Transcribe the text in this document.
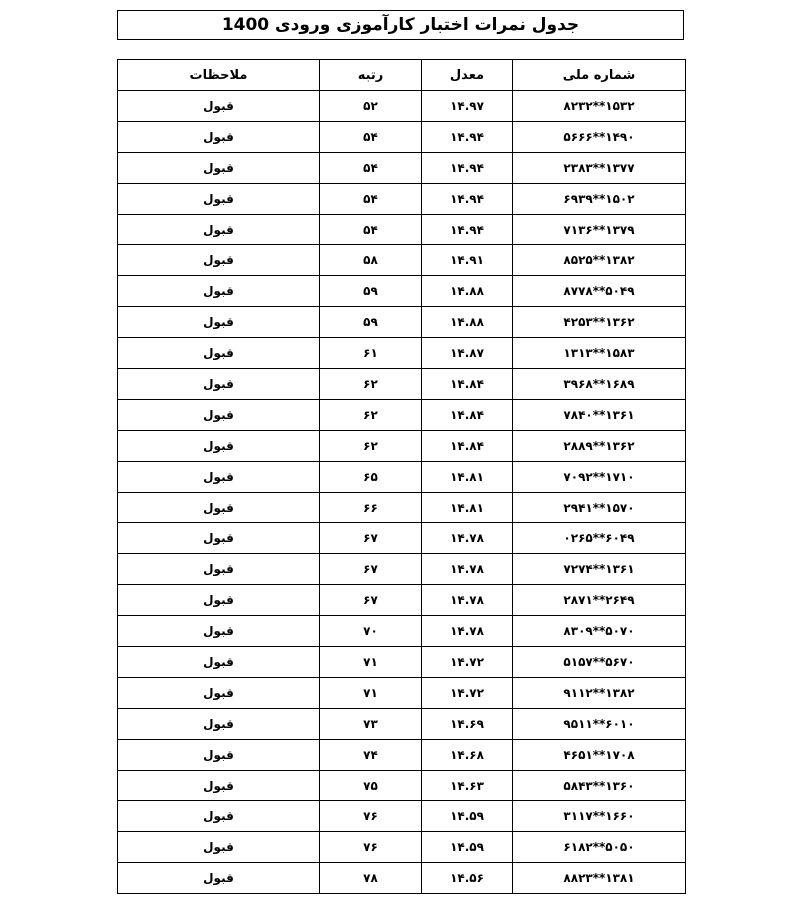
جدول نمرات اختبار کارآموزی ورودی 1400
شماره ملی	معدل	رتبه	ملاحظات
۱۵۳۲**۸۲۳۲	۱۴.۹۷	۵۲	قبول
۱۴۹۰**۵۶۶۶	۱۴.۹۴	۵۴	قبول
۱۳۷۷**۲۳۸۳	۱۴.۹۴	۵۴	قبول
۱۵۰۲**۶۹۳۹	۱۴.۹۴	۵۴	قبول
۱۳۷۹**۷۱۳۶	۱۴.۹۴	۵۴	قبول
۱۳۸۲**۸۵۲۵	۱۴.۹۱	۵۸	قبول
۵۰۴۹**۸۷۷۸	۱۴.۸۸	۵۹	قبول
۱۳۶۲**۴۲۵۳	۱۴.۸۸	۵۹	قبول
۱۵۸۳**۱۳۱۳	۱۴.۸۷	۶۱	قبول
۱۶۸۹**۳۹۶۸	۱۴.۸۴	۶۲	قبول
۱۳۶۱**۷۸۴۰	۱۴.۸۴	۶۲	قبول
۱۳۶۲**۲۸۸۹	۱۴.۸۴	۶۲	قبول
۱۷۱۰**۷۰۹۲	۱۴.۸۱	۶۵	قبول
۱۵۷۰**۲۹۴۱	۱۴.۸۱	۶۶	قبول
۶۰۴۹**۰۲۶۵	۱۴.۷۸	۶۷	قبول
۱۳۶۱**۷۲۷۴	۱۴.۷۸	۶۷	قبول
۲۶۴۹**۲۸۷۱	۱۴.۷۸	۶۷	قبول
۵۰۷۰**۸۳۰۹	۱۴.۷۸	۷۰	قبول
۵۶۷۰**۵۱۵۷	۱۴.۷۲	۷۱	قبول
۱۳۸۲**۹۱۱۲	۱۴.۷۲	۷۱	قبول
۶۰۱۰**۹۵۱۱	۱۴.۶۹	۷۳	قبول
۱۷۰۸**۴۶۵۱	۱۴.۶۸	۷۴	قبول
۱۳۶۰**۵۸۴۳	۱۴.۶۳	۷۵	قبول
۱۶۶۰**۳۱۱۷	۱۴.۵۹	۷۶	قبول
۵۰۵۰**۶۱۸۲	۱۴.۵۹	۷۶	قبول
۱۳۸۱**۸۸۲۳	۱۴.۵۶	۷۸	قبول
